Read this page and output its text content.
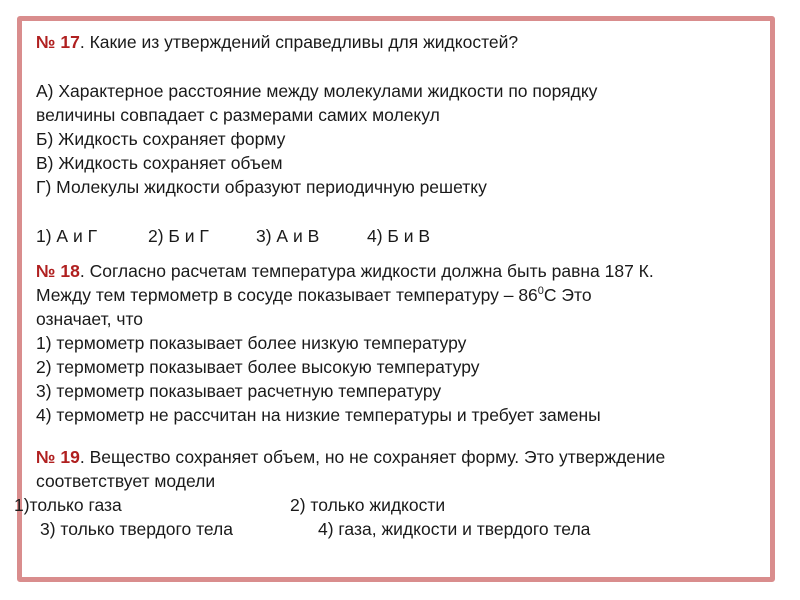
№ 17. Какие из утверждений справедливы для жидкостей?
А) Характерное расстояние между молекулами жидкости по порядку
величины совпадает с размерами самих молекул
Б) Жидкость сохраняет форму
В) Жидкость сохраняет объем
Г) Молекулы жидкости образуют периодичную решетку
1) А и Г	2) Б и Г	3) А и В	4) Б и В
№ 18. Согласно расчетам температура жидкости должна быть равна 187 К.
Между тем термометр в сосуде показывает температуру – $86^0С$ Это
означает, что
1) термометр показывает более низкую температуру
2) термометр показывает более высокую температуру
3) термометр показывает расчетную температуру
4) термометр не рассчитан на низкие температуры и требует замены
№ 19. Вещество сохраняет объем, но не сохраняет форму. Это утверждение
соответствует модели
1)только газа	2) только жидкости
3) только твердого тела	4) газа, жидкости и твердого тела
